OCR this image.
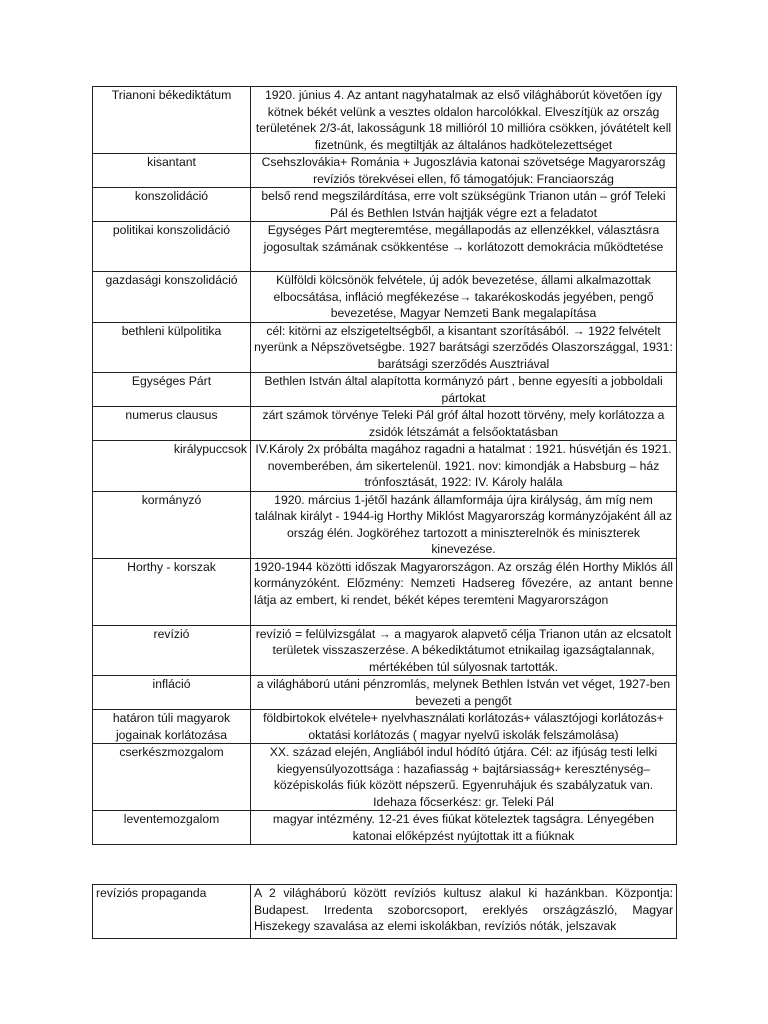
Trianoni békediktátum	1920. június 4. Az antant nagyhatalmak az első világháborút követően így kötnek békét velünk a vesztes oldalon harcolókkal. Elveszítjük az ország területének 2/3-át, lakosságunk 18 millióról 10 millióra csökken, jóvátételt kell fizetnünk, és megtiltják az általános hadkötelezettséget
kisantant	Csehszlovákia+ Románia + Jugoszlávia katonai szövetsége Magyarország revíziós törekvései ellen, fő támogatójuk: Franciaország
konszolidáció	belső rend megszilárdítása, erre volt szükségünk Trianon után – gróf Teleki Pál és Bethlen István hajtják végre ezt a feladatot
politikai konszolidáció	Egységes Párt megteremtése, megállapodás az ellenzékkel, választásra jogosultak számának csökkentése → korlátozott demokrácia működtetése
gazdasági konszolidáció	Külföldi kölcsönök felvétele, új adók bevezetése, állami alkalmazottak elbocsátása, infláció megfékezése→ takarékoskodás jegyében, pengő bevezetése, Magyar Nemzeti Bank megalapítása
bethleni külpolitika	cél: kitörni az elszigeteltségből, a kisantant szorításából. → 1922 felvételt nyerünk a Népszövetségbe. 1927 barátsági szerződés Olaszországgal, 1931: barátsági szerződés Ausztriával
Egységes Párt	Bethlen István által alapította kormányzó párt , benne egyesíti a jobboldali pártokat
numerus clausus	zárt számok törvénye Teleki Pál gróf által hozott törvény, mely korlátozza a zsidók létszámát a felsőoktatásban
királypuccsok	IV.Károly 2x próbálta magához ragadni a hatalmat : 1921. húsvétján és 1921. novemberében, ám sikertelenül. 1921. nov: kimondják a Habsburg – ház trónfosztását, 1922: IV. Károly halála
kormányzó	1920. március 1-jétől hazánk államformája újra királyság, ám míg nem találnak királyt - 1944-ig Horthy Miklóst Magyarország kormányzójaként áll az ország élén. Jogköréhez tartozott a miniszterelnök és miniszterek kinevezése.
Horthy - korszak	1920-1944 közötti időszak Magyarországon. Az ország élén Horthy Miklós áll kormányzóként. Előzmény: Nemzeti Hadsereg fővezére, az antant benne látja az embert, ki rendet, békét képes teremteni Magyarországon
revízió	revízió = felülvizsgálat → a magyarok alapvető célja Trianon után az elcsatolt területek visszaszerzése. A békediktátumot etnikailag igazságtalannak, mértékében túl súlyosnak tartották.
infláció	a világháború utáni pénzromlás, melynek Bethlen István vet véget, 1927-ben bevezeti a pengőt
határon túli magyarok jogainak korlátozása	földbirtokok elvétele+ nyelvhasználati korlátozás+ választójogi korlátozás+ oktatási korlátozás ( magyar nyelvű iskolák felszámolása)
cserkészmozgalom	XX. század elején, Angliából indul hódító útjára. Cél: az ifjúság testi lelki kiegyensúlyozottsága : hazafiasság + bajtársiasság+ kereszténység– középiskolás fiúk között népszerű. Egyenruhájuk és szabályzatuk van. Idehaza főcserkész: gr. Teleki Pál
leventemozgalom	magyar intézmény. 12-21 éves fiúkat köteleztek tagságra. Lényegében katonai előképzést nyújtottak itt a fiúknak
revíziós propaganda	A 2 világháború között revíziós kultusz alakul ki hazánkban. Központja: Budapest. Irredenta szoborcsoport, ereklyés országzászló, Magyar Hiszekegy szavalása az elemi iskolákban, revíziós nóták, jelszavak
